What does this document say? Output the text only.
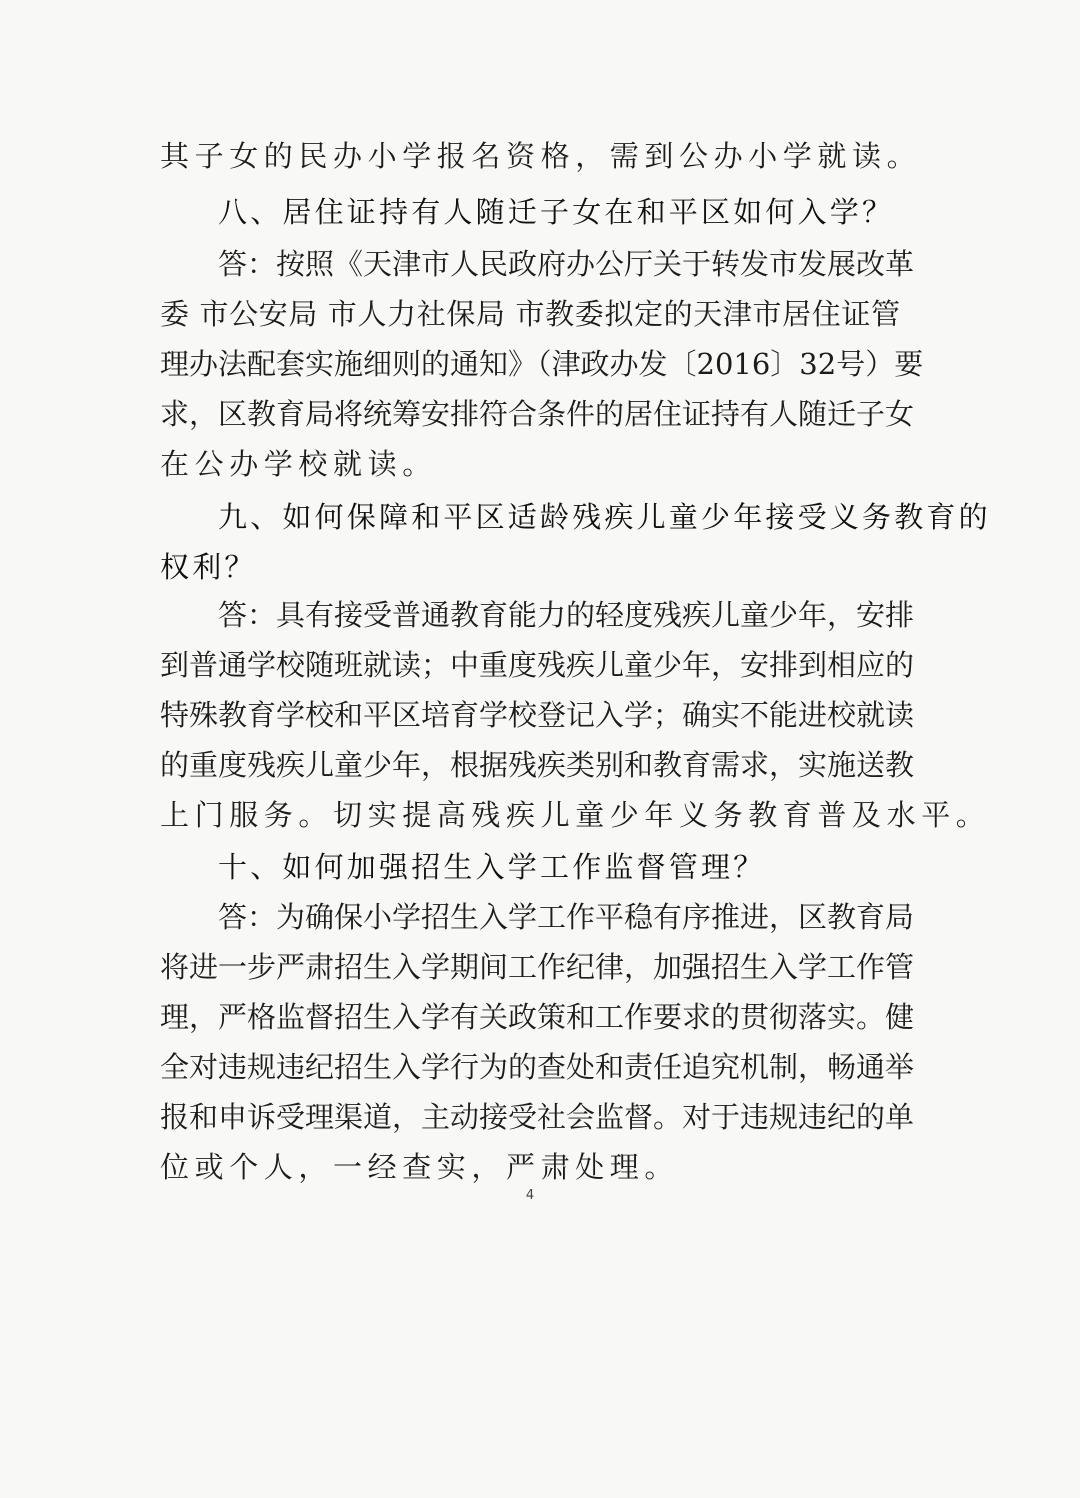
其子女的民办小学报名资格，需到公办小学就读。
八、居住证持有人随迁子女在和平区如何入学？
答：按照《天津市人民政府办公厅关于转发市发展改革
委 市公安局 市人力社保局 市教委拟定的天津市居住证管
理办法配套实施细则的通知》（津政办发〔2016〕32号）要
求，区教育局将统筹安排符合条件的居住证持有人随迁子女
在公办学校就读。
九、如何保障和平区适龄残疾儿童少年接受义务教育的
权利？
答：具有接受普通教育能力的轻度残疾儿童少年，安排
到普通学校随班就读；中重度残疾儿童少年，安排到相应的
特殊教育学校和平区培育学校登记入学；确实不能进校就读
的重度残疾儿童少年，根据残疾类别和教育需求，实施送教
上门服务。切实提高残疾儿童少年义务教育普及水平。
十、如何加强招生入学工作监督管理？
答：为确保小学招生入学工作平稳有序推进，区教育局
将进一步严肃招生入学期间工作纪律，加强招生入学工作管
理，严格监督招生入学有关政策和工作要求的贯彻落实。健
全对违规违纪招生入学行为的查处和责任追究机制，畅通举
报和申诉受理渠道，主动接受社会监督。对于违规违纪的单
位或个人，一经查实，严肃处理。
4
